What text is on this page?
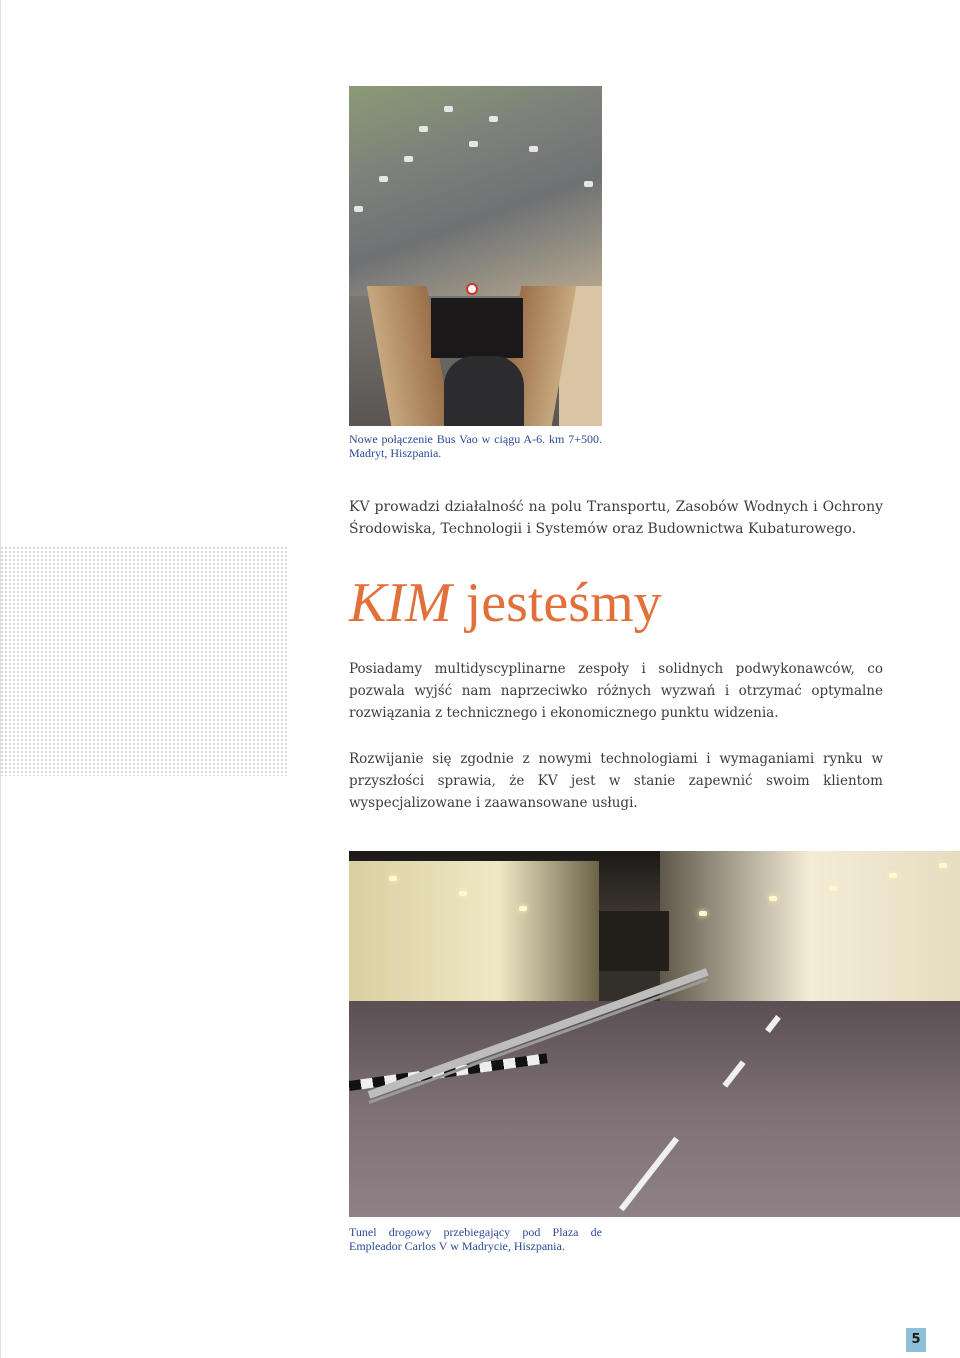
Nowe połączenie Bus Vao w ciągu A-6. km 7+500. Madryt, Hiszpania.
KV prowadzi działalność na polu Transportu, Zasobów Wodnych i Ochrony Środowiska, Technologii i Systemów oraz Budownictwa Kubaturowego.
KIM jesteśmy
Posiadamy multidyscyplinarne zespoły i solidnych podwykonawców, co pozwala wyjść nam naprzeciwko różnych wyzwań i otrzymać optymalne rozwiązania z technicznego i ekonomicznego punktu widzenia.
Rozwijanie się zgodnie z nowymi technologiami i wymaganiami rynku w przyszłości sprawia, że KV jest w stanie zapewnić swoim klientom wyspecjalizowane i zaawansowane usługi.
Tunel drogowy przebiegający pod Plaza de Empleador Carlos V w Madrycie, Hiszpania.
5
